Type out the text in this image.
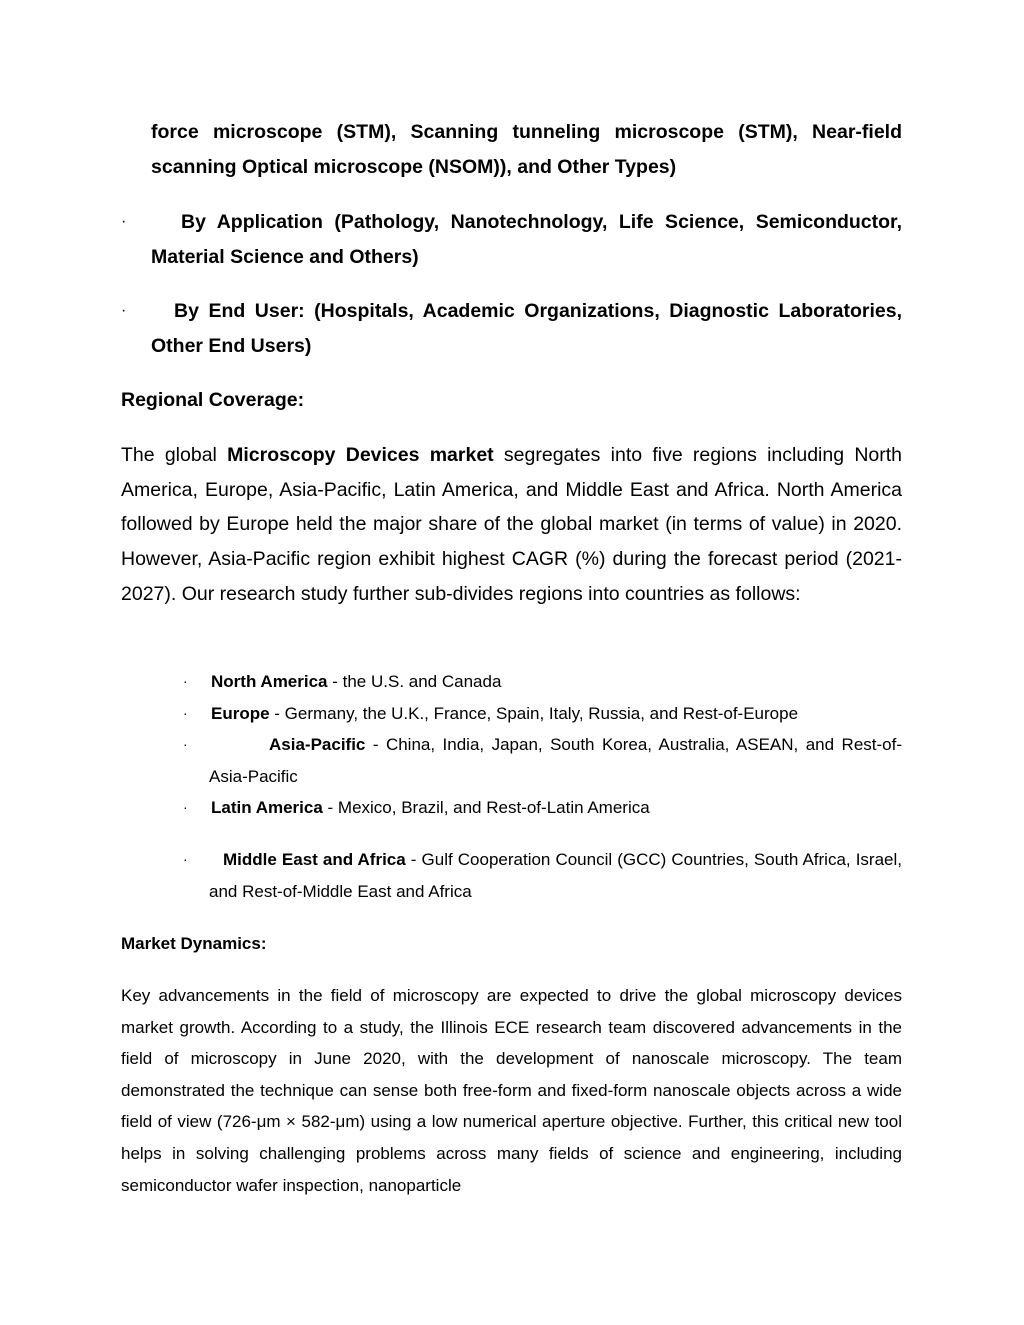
force microscope (STM), Scanning tunneling microscope (STM), Near-field scanning Optical microscope (NSOM)), and Other Types)
·	By Application (Pathology, Nanotechnology, Life Science, Semiconductor, Material Science and Others)
· By End User: (Hospitals, Academic Organizations, Diagnostic Laboratories, Other End Users)
Regional Coverage:
The global Microscopy Devices market segregates into five regions including North America, Europe, Asia-Pacific, Latin America, and Middle East and Africa. North America followed by Europe held the major share of the global market (in terms of value) in 2020. However, Asia-Pacific region exhibit highest CAGR (%) during the forecast period (2021-2027). Our research study further sub-divides regions into countries as follows:

· North America - the U.S. and Canada

· Europe - Germany, the U.K., France, Spain, Italy, Russia, and Rest-of-Europe

·	Asia-Pacific - China, India, Japan, South Korea, Australia, ASEAN, and Rest-of-Asia-Pacific

· Latin America - Mexico, Brazil, and Rest-of-Latin America

· Middle East and Africa - Gulf Cooperation Council (GCC) Countries, South Africa, Israel, and Rest-of-Middle East and Africa

Market Dynamics:
Key advancements in the field of microscopy are expected to drive the global microscopy devices market growth. According to a study, the Illinois ECE research team discovered advancements in the field of microscopy in June 2020, with the development of nanoscale microscopy. The team demonstrated the technique can sense both free-form and fixed-form nanoscale objects across a wide field of view (726-μm × 582-μm) using a low numerical aperture objective. Further, this critical new tool helps in solving challenging problems across many fields of science and engineering, including semiconductor wafer inspection, nanoparticle
